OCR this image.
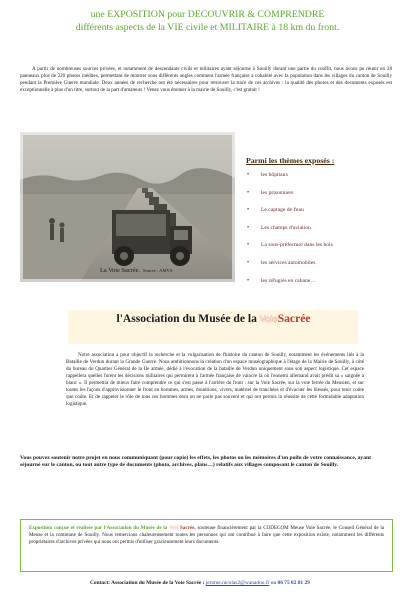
une EXPOSITION pour DECOUVRIR & COMPRENDRE
différents aspects de la VIE civile et MILITAIRE à 18 km du front.

A partir de nombreuses sources privées, et notamment de descendants civils et militaires ayant séjourné à Souilly durant une partie du conflit, nous avons pu réunir en 28 panneaux plus de 220 photos inédites, permettant de montrer sous différents angles comment l'armée française a cohabité avec la population dans les villages du canton de Souilly pendant la Première Guerre mondiale. Deux années de recherche ont été nécessaires pour retrouver la trace de ces archives : la qualité des photos et des documents exposés est exceptionnelle à plus d'un titre, surtout de la part d'amateurs ! Venez vous étonner à la mairie de Souilly, c'est gratuit !

La Voie Sacrée. Source : AMVS
Parmi les thèmes exposés :
•	les hôpitaux
•	les prisonniers
•	Le captage de l'eau
•	Les champs d'aviation
•	La sous-préfecture dans les bois
•	les services automobiles
•	les réfugiés en cabane…
l'Association du Musée de la VoieSacrée

Notre association a pour objectif la recherche et la vulgarisation de l'histoire du canton de Souilly, notamment les événements liés à la Bataille de Verdun durant la Grande Guerre. Nous ambitionnons la création d'un espace muséographique à l'étage de la Mairie de Souilly, à côté du bureau du Quartier Général de la IIe armée, dédié à l'évocation de la bataille de Verdun uniquement sous son aspect logistique. Cet espace rappellera quelles furent les décisions militaires qui permirent à l'armée française de vaincre là où l'ennemi allemand avait prédit sa « saignée à blanc ». Il permettra de mieux faire comprendre ce qui s'est passé à l'arrière du front : sur la Voie Sacrée, sur la voie ferrée du Meusien, et sur toutes les façons d'approvisionner le front en hommes, armes, munitions, vivres, matériel de tranchées et d'évacuer les blessés, pour tenir coûte que coûte. Et de rappeler le rôle de tous ces hommes dont on ne parle pas souvent et qui ont permis la réussite de cette formidable adaptation logistique.

Vous pouvez soutenir notre projet en nous communiquant (pour copie) les effets, les photos ou les mémoires d'un poilu de votre connaissance, ayant séjourné sur le canton, ou tout autre type de documents (photo, archives, plans…) relatifs aux villages composant le canton de Souilly.

Exposition conçue et réalisée par l'Association du Musée de la Voie Sacrée, soutenue financièrement par la CODECOM Meuse Voie Sacrée, le Conseil Général de la Meuse et la commune de Souilly. Nous remercions chaleureusement toutes les personnes qui ont contribué à faire que cette exposition existe, notamment les différents propriétaires d'archives privées qui nous ont permis d'utiliser gracieusement leurs documents.
Contact: Association du Musée de la Voie Sacrée : jerome.nicolas2@wanadoo.fr ou 06 75 82 81 29
